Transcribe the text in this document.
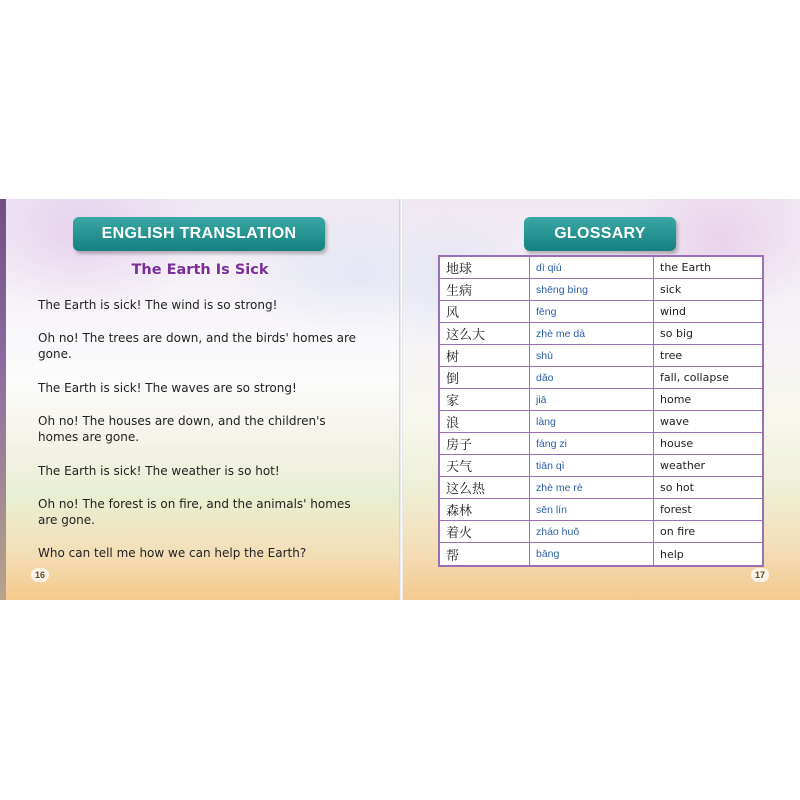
ENGLISH TRANSLATION
The Earth Is Sick
The Earth is sick! The wind is so strong!
Oh no! The trees are down, and the birds' homes are gone.
The Earth is sick! The waves are so strong!
Oh no! The houses are down, and the children's homes are gone.
The Earth is sick! The weather is so hot!
Oh no! The forest is on fire, and the animals' homes are gone.
Who can tell me how we can help the Earth?
16
GLOSSARY
地球	dì qiú	the Earth
生病	shēng bìng	sick
风	fēng	wind
这么大	zhè me dà	so big
树	shù	tree
倒	dǎo	fall, collapse
家	jiā	home
浪	làng	wave
房子	fáng zi	house
天气	tiān qì	weather
这么热	zhè me rè	so hot
森林	sēn lín	forest
着火	zháo huǒ	on fire
帮	bāng	help
17
